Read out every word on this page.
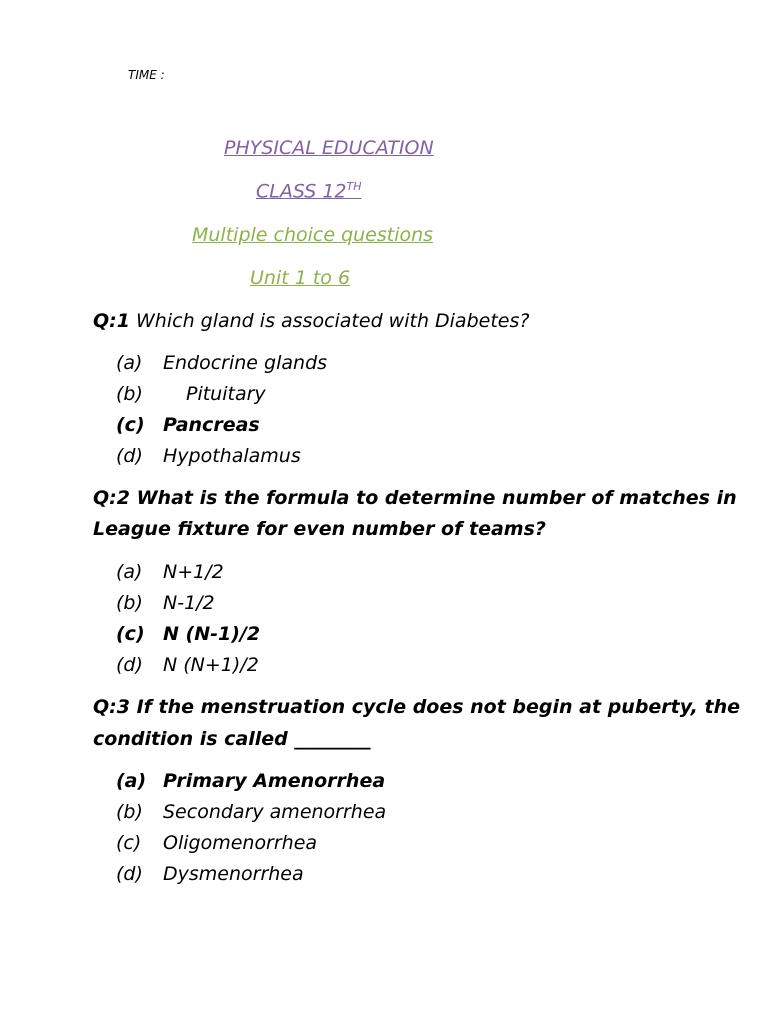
TIME :
PHYSICAL EDUCATION
CLASS 12TH
Multiple choice questions
Unit 1 to 6
Q:1 Which gland is associated with Diabetes?
(a) Endocrine glands
(b) Pituitary
(c) Pancreas
(d) Hypothalamus
Q:2 What is the formula to determine number of matches in
League fixture for even number of teams?
(a) N+1/2
(b) N-1/2
(c) N (N-1)/2
(d) N (N+1)/2
Q:3 If the menstruation cycle does not begin at puberty, the
condition is called ________
(a) Primary Amenorrhea
(b) Secondary amenorrhea
(c) Oligomenorrhea
(d) Dysmenorrhea
